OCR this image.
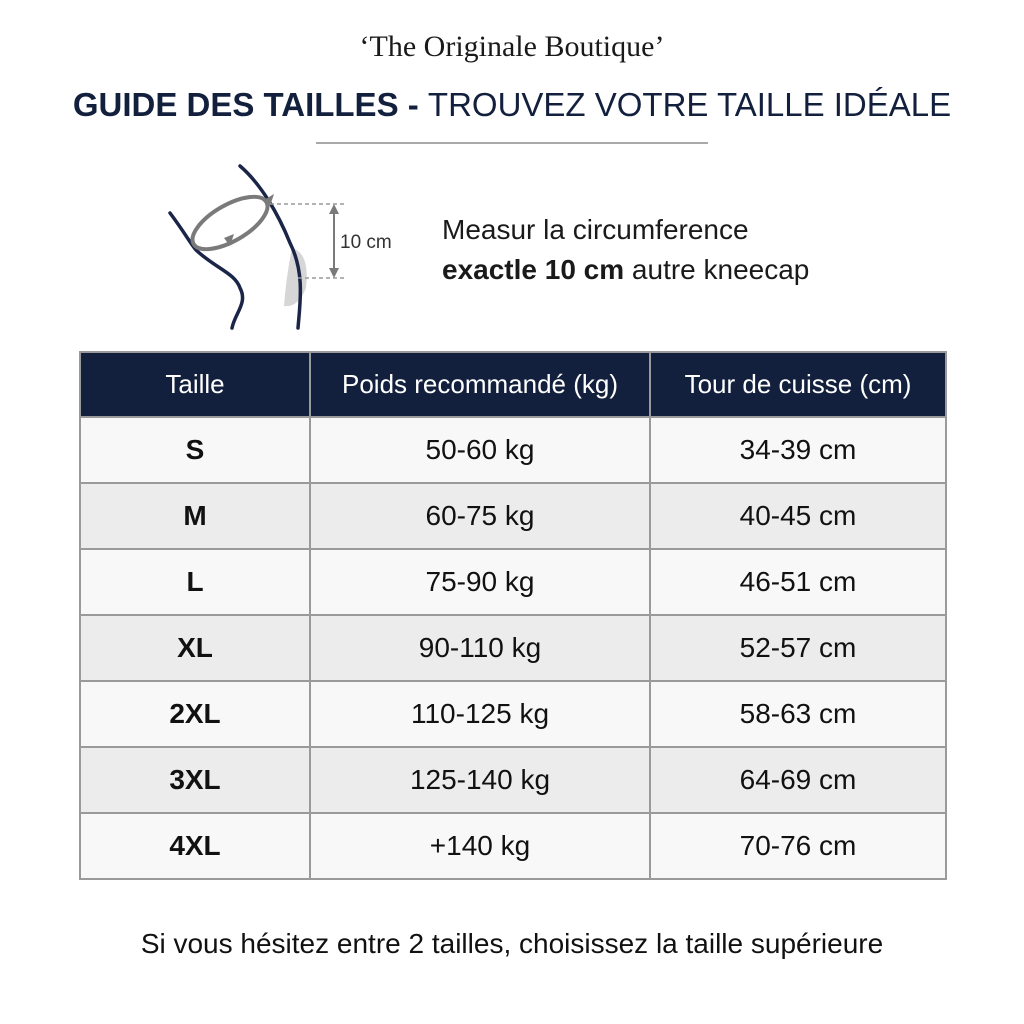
‘The Originale Boutique’
GUIDE DES TAILLES - TROUVEZ VOTRE TAILLE IDÉALE
10 cm Measur la circumference
exactle 10 cm autre kneecap
Taille	Poids recommandé (kg)	Tour de cuisse (cm)
S	50-60 kg	34-39 cm
M	60-75 kg	40-45 cm
L	75-90 kg	46-51 cm
XL	90-110 kg	52-57 cm
2XL	110-125 kg	58-63 cm
3XL	125-140 kg	64-69 cm
4XL	+140 kg	70-76 cm
Si vous hésitez entre 2 tailles, choisissez la taille supérieure
